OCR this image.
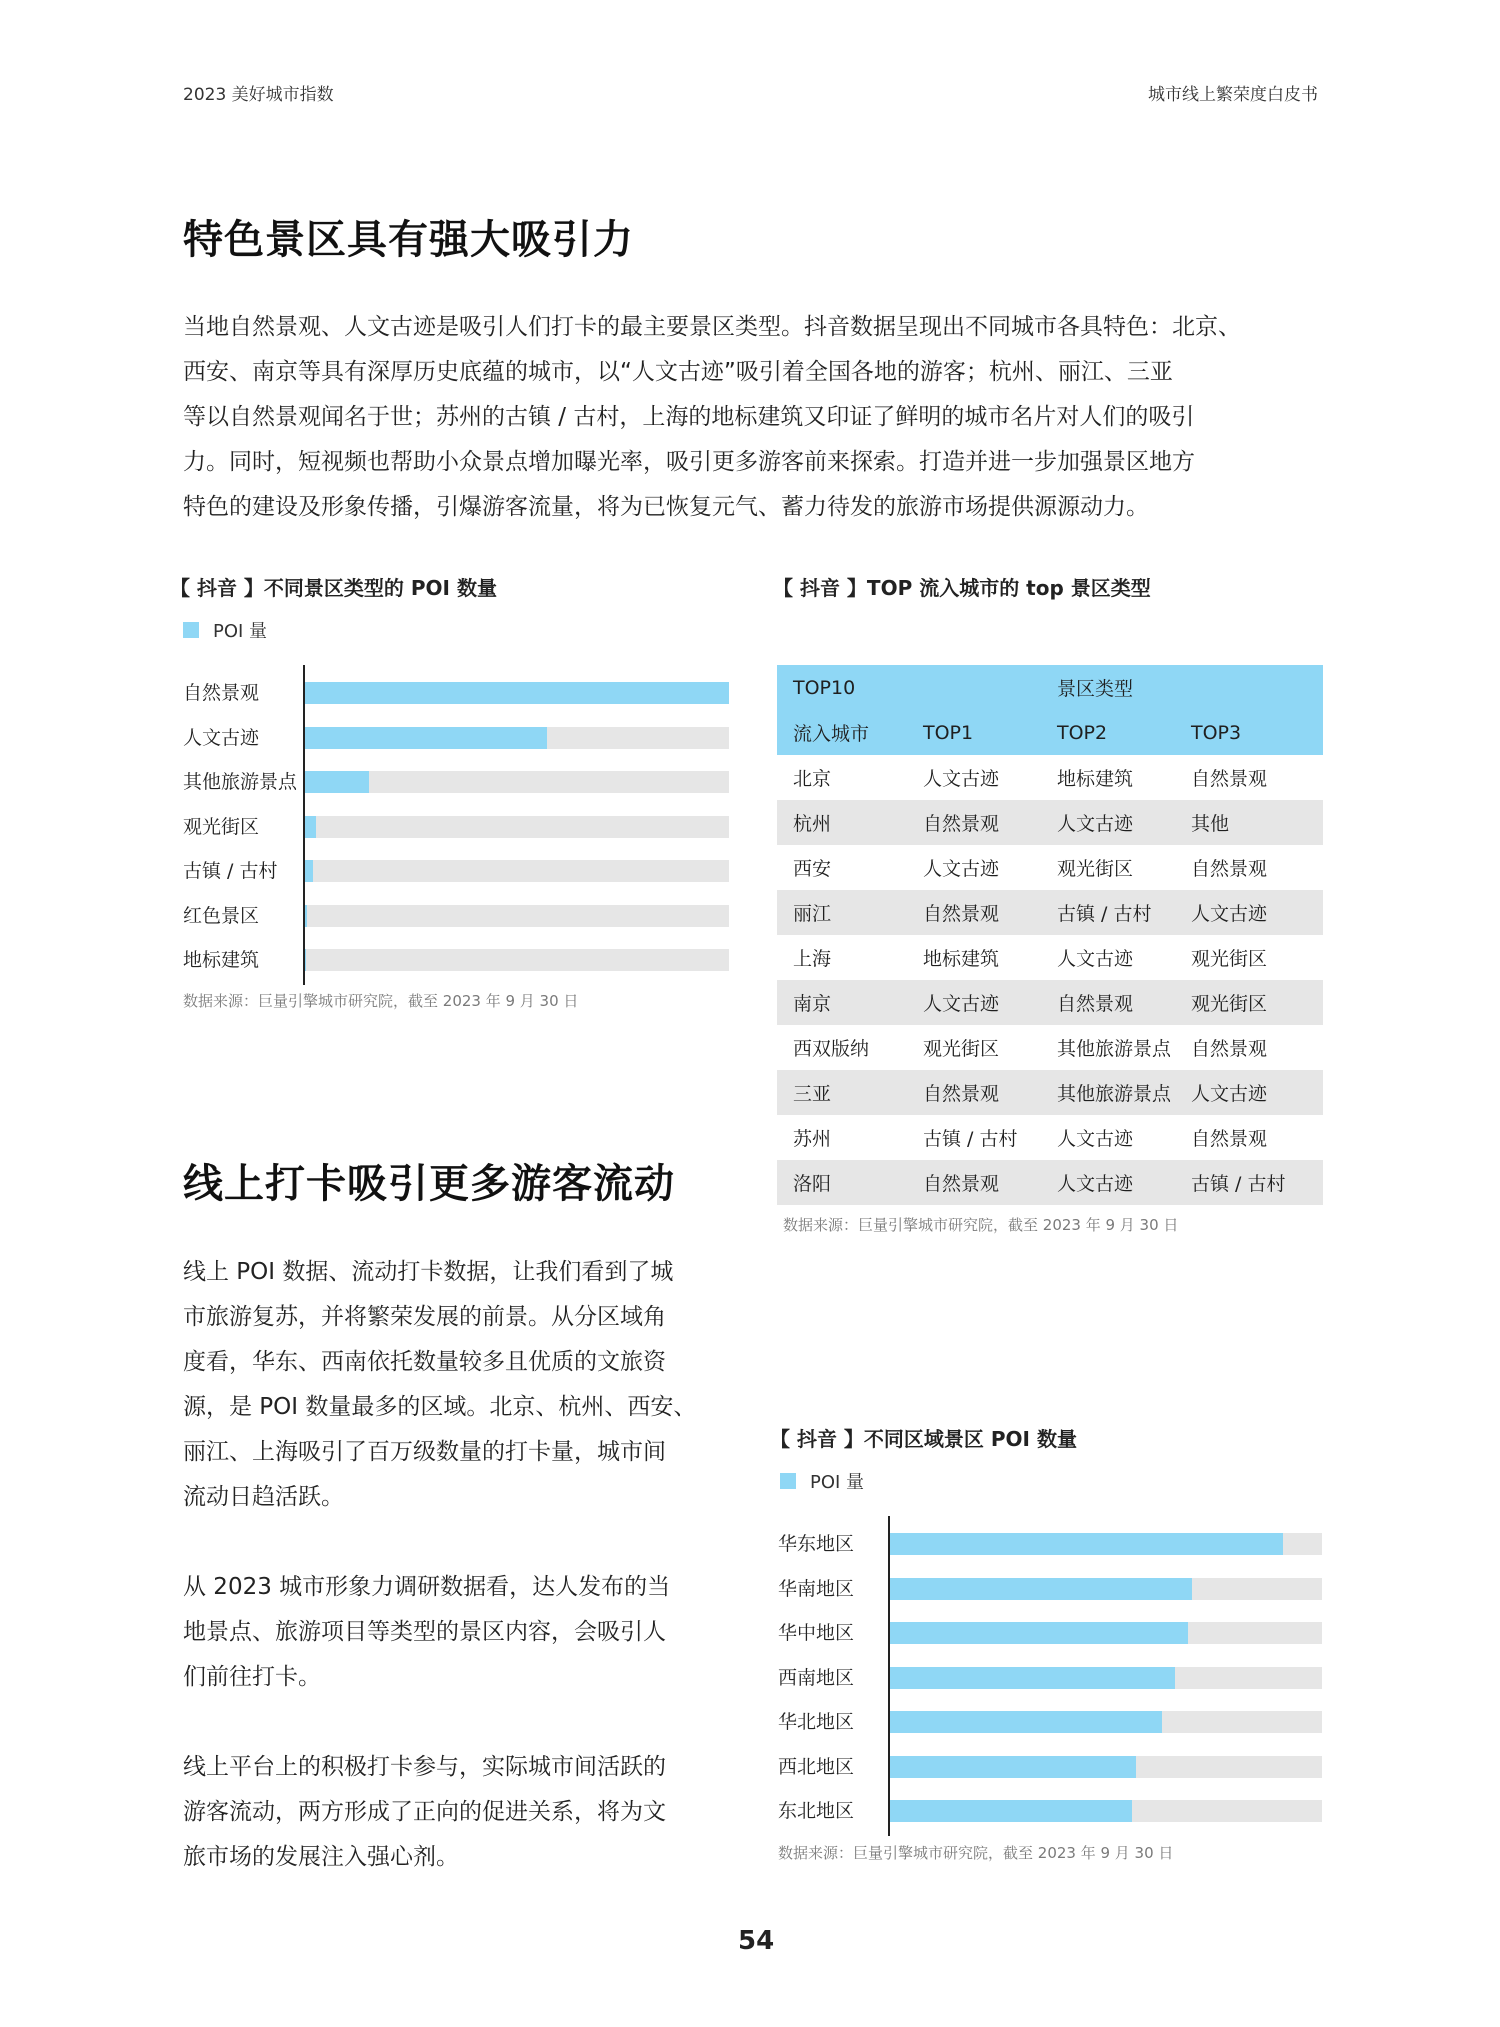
2023 美好城市指数	城市线上繁荣度白皮书
特色景区具有强大吸引力

当地自然景观、人文古迹是吸引人们打卡的最主要景区类型。抖音数据呈现出不同城市各具特色：北京、

西安、南京等具有深厚历史底蕴的城市，以“人文古迹”吸引着全国各地的游客；杭州、丽江、三亚

等以自然景观闻名于世；苏州的古镇 / 古村，上海的地标建筑又印证了鲜明的城市名片对人们的吸引

力。同时，短视频也帮助小众景点增加曝光率，吸引更多游客前来探索。打造并进一步加强景区地方

特色的建设及形象传播，引爆游客流量，将为已恢复元气、蓄力待发的旅游市场提供源源动力。

【 抖音 】不同景区类型的 POI 数量
POI 量
自然景观
人文古迹
其他旅游景点
观光街区
古镇 / 古村
红色景区
地标建筑
数据来源：巨量引擎城市研究院，截至 2023 年 9 月 30 日
【 抖音 】TOP 流入城市的 top 景区类型
TOP10	景区类型		
流入城市	TOP1	TOP2	TOP3
北京	人文古迹	地标建筑	自然景观
杭州	自然景观	人文古迹	其他
西安	人文古迹	观光街区	自然景观
丽江	自然景观	古镇 / 古村	人文古迹
上海	地标建筑	人文古迹	观光街区
南京	人文古迹	自然景观	观光街区
西双版纳	观光街区	其他旅游景点	自然景观
三亚	自然景观	其他旅游景点	人文古迹
苏州	古镇 / 古村	人文古迹	自然景观
洛阳	自然景观	人文古迹	古镇 / 古村
数据来源：巨量引擎城市研究院，截至 2023 年 9 月 30 日
线上打卡吸引更多游客流动

线上 POI 数据、流动打卡数据，让我们看到了城

市旅游复苏，并将繁荣发展的前景。从分区域角

度看，华东、西南依托数量较多且优质的文旅资

源，是 POI 数量最多的区域。北京、杭州、西安、

丽江、上海吸引了百万级数量的打卡量，城市间

流动日趋活跃。

从 2023 城市形象力调研数据看，达人发布的当

地景点、旅游项目等类型的景区内容，会吸引人

们前往打卡。

线上平台上的积极打卡参与，实际城市间活跃的

游客流动，两方形成了正向的促进关系，将为文

旅市场的发展注入强心剂。

【 抖音 】不同区域景区 POI 数量
POI 量
华东地区
华南地区
华中地区
西南地区
华北地区
西北地区
东北地区
数据来源：巨量引擎城市研究院，截至 2023 年 9 月 30 日
54
